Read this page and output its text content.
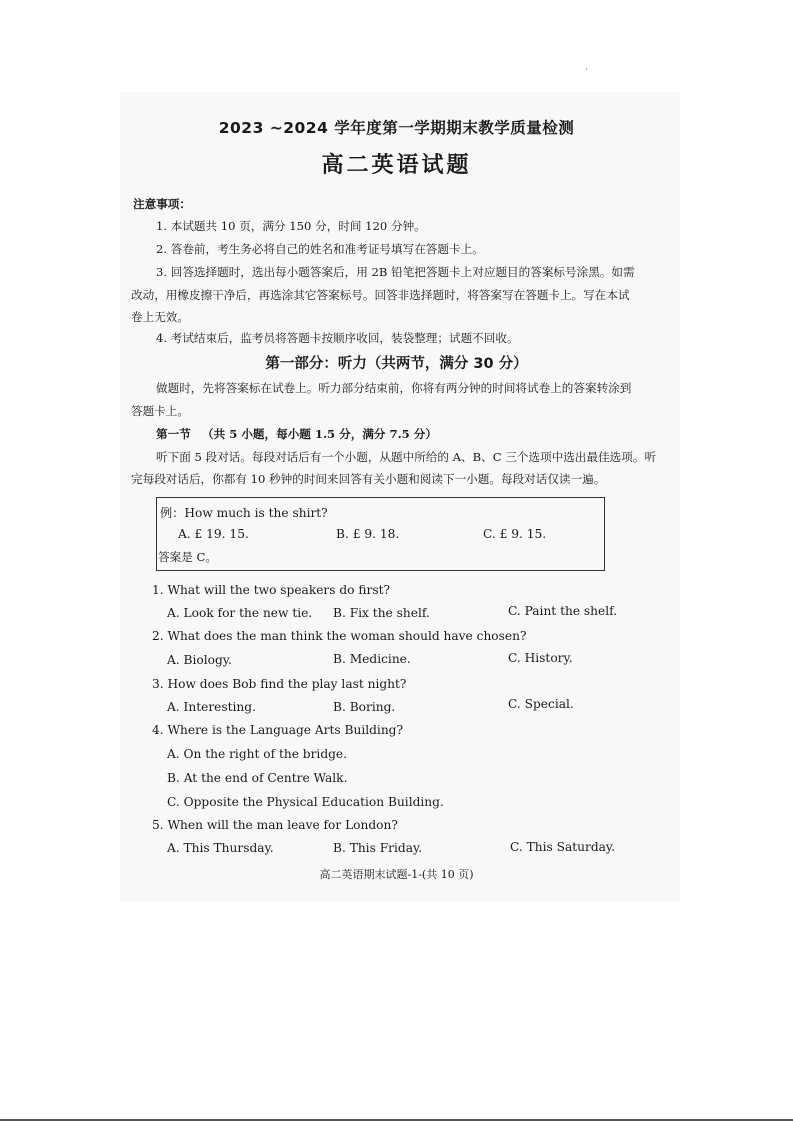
2023 ~2024 学年度第一学期期末教学质量检测
高二英语试题
注意事项：
1. 本试题共 10 页，满分 150 分，时间 120 分钟。
2. 答卷前，考生务必将自己的姓名和准考证号填写在答题卡上。
3. 回答选择题时，选出每小题答案后，用 2B 铅笔把答题卡上对应题目的答案标号涂黑。如需
改动，用橡皮擦干净后，再选涂其它答案标号。回答非选择题时，将答案写在答题卡上。写在本试
卷上无效。
4. 考试结束后，监考员将答题卡按顺序收回，装袋整理；试题不回收。
第一部分：听力（共两节，满分 30 分）
做题时，先将答案标在试卷上。听力部分结束前，你将有两分钟的时间将试卷上的答案转涂到
答题卡上。
第一节 （共 5 小题，每小题 1.5 分，满分 7.5 分）
听下面 5 段对话。每段对话后有一个小题，从题中所给的 A、B、C 三个选项中选出最佳选项。听
完每段对话后，你都有 10 秒钟的时间来回答有关小题和阅读下一小题。每段对话仅读一遍。
例：How much is the shirt?
A. £ 19. 15.	B. £ 9. 18.	C. £ 9. 15.
答案是 C。
1. What will the two speakers do first?
A. Look for the new tie. B. Fix the shelf.	C. Paint the shelf.
2. What does the man think the woman should have chosen?
A. Biology.	B. Medicine.	C. History.
3. How does Bob find the play last night?
A. Interesting.	B. Boring.	C. Special.
4. Where is the Language Arts Building?
A. On the right of the bridge.
B. At the end of Centre Walk.
C. Opposite the Physical Education Building.
5. When will the man leave for London?
A. This Thursday.	B. This Friday.	C. This Saturday.
高二英语期末试题-1-(共 10 页)
